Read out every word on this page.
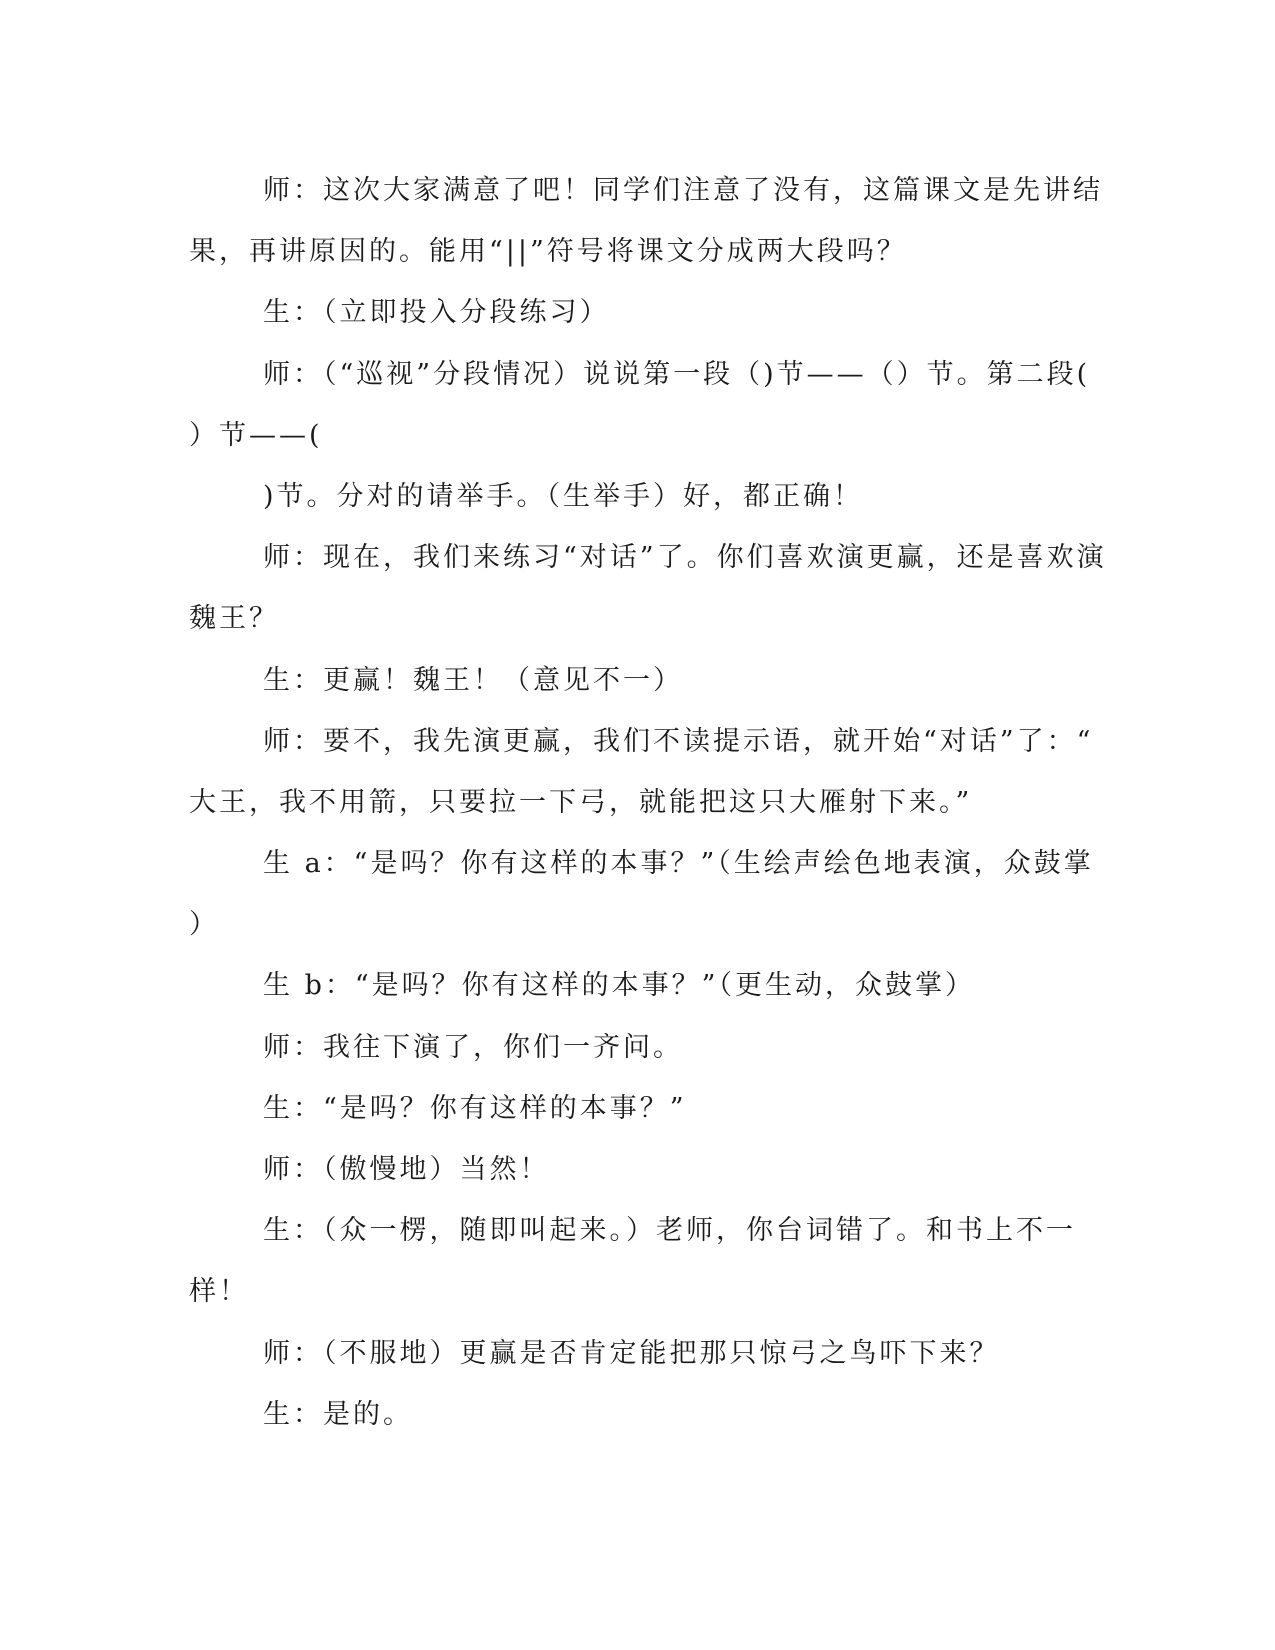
师：这次大家满意了吧！同学们注意了没有，这篇课文是先讲结
果，再讲原因的。能用“||”符号将课文分成两大段吗？
生：（立即投入分段练习）
师：（“巡视”分段情况）说说第一段（)节——（）节。第二段(
）节——(
)节。分对的请举手。（生举手）好，都正确！
师：现在，我们来练习“对话”了。你们喜欢演更赢，还是喜欢演
魏王？
生：更赢！魏王！（意见不一）
师：要不，我先演更赢，我们不读提示语，就开始“对话”了：“
大王，我不用箭，只要拉一下弓，就能把这只大雁射下来。”
生 a：“是吗？你有这样的本事？”（生绘声绘色地表演，众鼓掌
）
生 b：“是吗？你有这样的本事？”（更生动，众鼓掌）
师：我往下演了，你们一齐问。
生：“是吗？你有这样的本事？”
师：（傲慢地）当然！
生：（众一楞，随即叫起来。）老师，你台词错了。和书上不一
样！
师：（不服地）更赢是否肯定能把那只惊弓之鸟吓下来？
生：是的。
